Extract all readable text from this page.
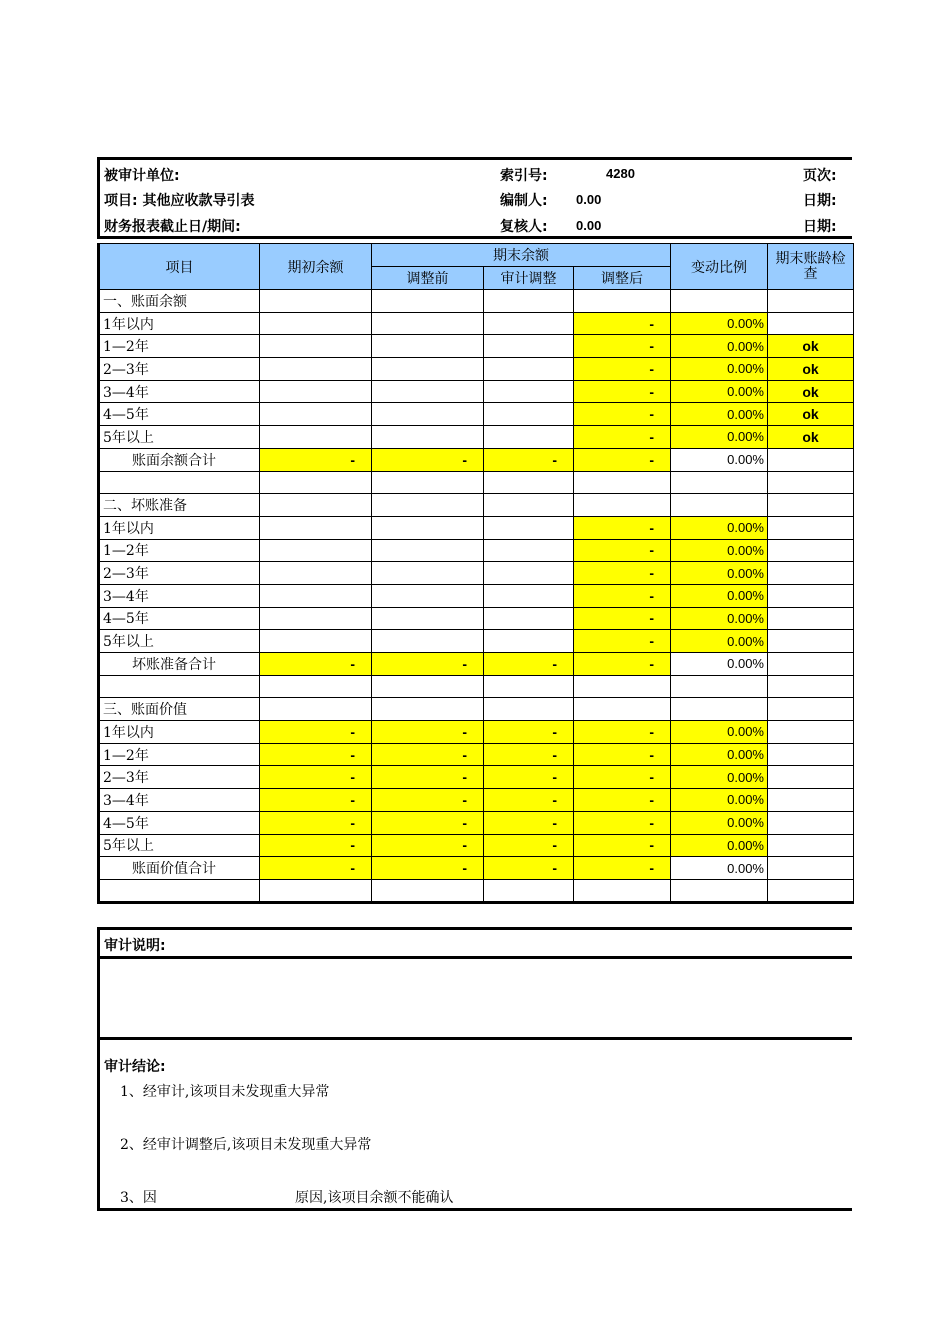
被审计单位:
项目: 其他应收款导引表
财务报表截止日/期间:
索引号:	4280
编制人: 0.00
复核人: 0.00
页次:
日期:
日期:
项目	期初余额	期末余额			变动比例	期末账龄检查
		调整前	审计调整	调整后		
一、账面余额						
1年以内				-	0.00%	
1—2年				-	0.00%	ok
2—3年				-	0.00%	ok
3—4年				-	0.00%	ok
4—5年				-	0.00%	ok
5年以上				-	0.00%	ok
账面余额合计	-	-	-	-	0.00%	

二、坏账准备						
1年以内				-	0.00%	
1—2年				-	0.00%	
2—3年				-	0.00%	
3—4年				-	0.00%	
4—5年				-	0.00%	
5年以上				-	0.00%	
坏账准备合计	-	-	-	-	0.00%	

三、账面价值						
1年以内	-	-	-	-	0.00%	
1—2年	-	-	-	-	0.00%	
2—3年	-	-	-	-	0.00%	
3—4年	-	-	-	-	0.00%	
4—5年	-	-	-	-	0.00%	
5年以上	-	-	-	-	0.00%	
账面价值合计	-	-	-	-	0.00%	

审计说明:
审计结论:
1、经审计,该项目未发现重大异常
2、经审计调整后,该项目未发现重大异常
3、因	原因,该项目余额不能确认
